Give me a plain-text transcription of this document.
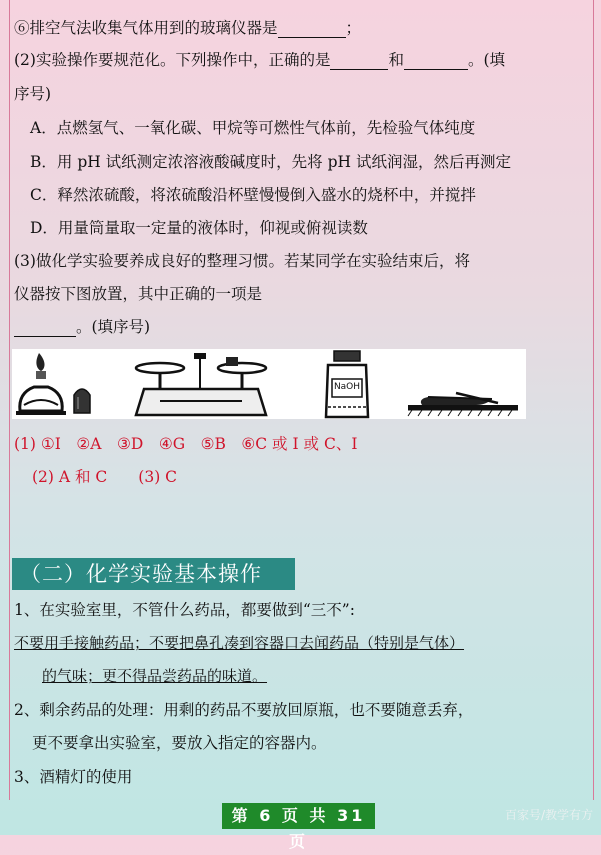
⑥排空气法收集气体用到的玻璃仪器是	；
(2)实验操作要规范化。下列操作中，正确的是	和	。(填
序号)
A．点燃氢气、一氧化碳、甲烷等可燃性气体前，先检验气体纯度
B．用 pH 试纸测定浓溶液酸碱度时，先将 pH 试纸润湿，然后再测定
C．释然浓硫酸，将浓硫酸沿杯壁慢慢倒入盛水的烧杯中，并搅拌
D．用量筒量取一定量的液体时，仰视或俯视读数
(3)做化学实验要养成良好的整理习惯。若某同学在实验结束后，将
仪器按下图放置，其中正确的一项是
。(填序号)
NaOH
(1) ①I　②A　③D　④G　⑤B　⑥C 或 I 或 C、I
(2) A 和 C　　(3) C
（二）化学实验基本操作
1、在实验室里，不管什么药品，都要做到“三不”:
不要用手接触药品；不要把鼻孔凑到容器口去闻药品（特别是气体）
的气味；更不得品尝药品的味道。
2、剩余药品的处理：用剩的药品不要放回原瓶，也不要随意丢弃，
更不要拿出实验室，要放入指定的容器内。
3、酒精灯的使用
第 6 页 共 31 页
百家号/教学有方
